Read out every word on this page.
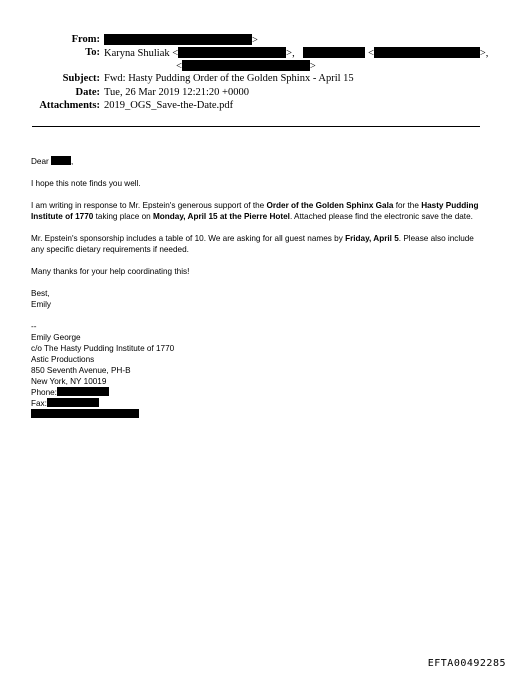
From:	>
To: Karyna Shuliak <	>,	<	>,
<	>
Subject: Fwd: Hasty Pudding Order of the Golden Sphinx - April 15
Date: Tue, 26 Mar 2019 12:21:20 +0000
Attachments: 2019_OGS_Save-the-Date.pdf

Dear	,

I hope this note finds you well.

I am writing in response to Mr. Epstein's generous support of the Order of the Golden Sphinx Gala for the Hasty Pudding Institute of 1770 taking place on Monday, April 15 at the Pierre Hotel. Attached please find the electronic save the date.

Mr. Epstein's sponsorship includes a table of 10. We are asking for all guest names by Friday, April 5. Please also include any specific dietary requirements if needed.

Many thanks for your help coordinating this!

Best,
Emily
--
Emily George
c/o The Hasty Pudding Institute of 1770
Astic Productions
850 Seventh Avenue, PH-B
New York, NY 10019
Phone:
Fax:
EFTA00492285
